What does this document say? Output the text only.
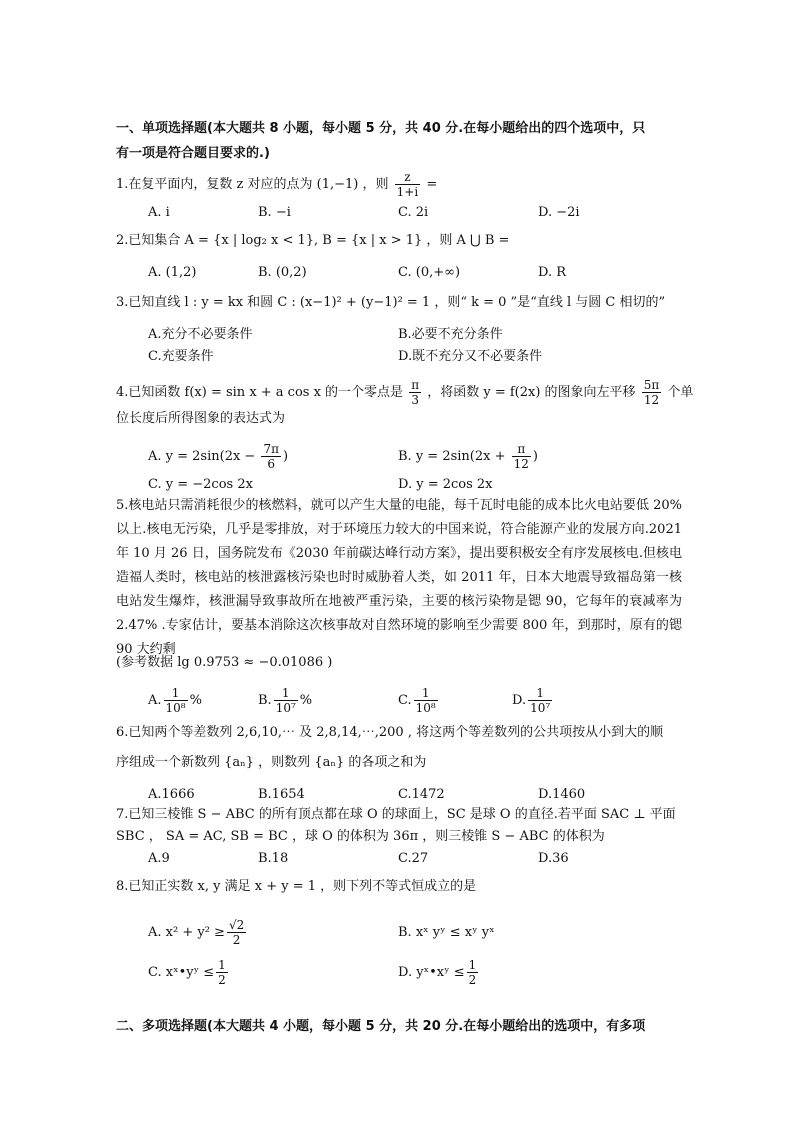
一、单项选择题(本大题共 8 小题，每小题 5 分，共 40 分.在每小题给出的四个选项中，只
有一项是符合题目要求的.)
1.在复平面内，复数 z 对应的点为 (1,−1) ，则 $\frac{z}{1+i}$ =
A. i	B. −i	C. 2i	D. −2i
2.已知集合 A = {x | log₂ x < 1}, B = {x | x > 1} ，则 A ⋃ B =
A. (1,2)	B. (0,2)	C. (0,+∞)	D. R
3.已知直线 l : y = kx 和圆 C : (x−1)² + (y−1)² = 1 ，则“ k = 0 ”是“直线 l 与圆 C 相切的”
A.充分不必要条件	B.必要不充分条件
C.充要条件	D.既不充分又不必要条件
4.已知函数 f(x) = sin x + a cos x 的一个零点是 $\frac{\pi}{3}$ ，将函数 y = f(2x) 的图象向左平移 $\frac{5\pi}{12}$ 个单
位长度后所得图象的表达式为
A. $y = 2\sin(2x - \frac{7\pi}{6}$ )	B. $y = 2\sin(2x + \frac{\pi}{12}$ )
C. y = −2cos 2x	D. y = 2cos 2x
5.核电站只需消耗很少的核燃料，就可以产生大量的电能，每千瓦时电能的成本比火电站要低 20%以上.核电无污染，几乎是零排放，对于环境压力较大的中国来说，符合能源产业的发展方向.2021 年 10 月 26 日，国务院发布《2030 年前碳达峰行动方案》，提出要积极安全有序发展核电.但核电造福人类时，核电站的核泄露核污染也时时威胁着人类，如 2011 年，日本大地震导致福岛第一核电站发生爆炸，核泄漏导致事故所在地被严重污染，主要的核污染物是锶 90，它每年的衰减率为 2.47% .专家估计，要基本消除这次核事故对自然环境的影响至少需要 800 年，到那时，原有的锶 90 大约剩
(参考数据 lg 0.9753 ≈ −0.01086 )
A. $\frac{1}{\text{10⁸}}$ %	B. $\frac{1}{\text{10⁷}}$ %	C. $\frac{1}{\text{10⁸}}$	D. $\frac{1}{\text{10⁷}}$
6.已知两个等差数列 2,6,10,⋯ 及 2,8,14,⋯,200 , 将这两个等差数列的公共项按从小到大的顺
序组成一个新数列 {aₙ} ，则数列 {aₙ} 的各项之和为
A.1666	B.1654	C.1472	D.1460
7.已知三棱锥 S − ABC 的所有顶点都在球 O 的球面上，SC 是球 O 的直径.若平面 SAC ⊥ 平面
SBC ， SA = AC, SB = BC ，球 O 的体积为 36π ，则三棱锥 S − ABC 的体积为
A.9	B.18	C.27	D.36
8.已知正实数 x, y 满足 x + y = 1 ，则下列不等式恒成立的是
A. $x^2 + y^2 \ge \frac{√2}{2}$	B. xˣ yʸ ≤ xʸ yˣ
C. xˣ•yʸ ≤ $\frac{1}{2}$	D. yˣ•xʸ ≤ $\frac{1}{2}$
二、多项选择题(本大题共 4 小题，每小题 5 分，共 20 分.在每小题给出的选项中，有多项
